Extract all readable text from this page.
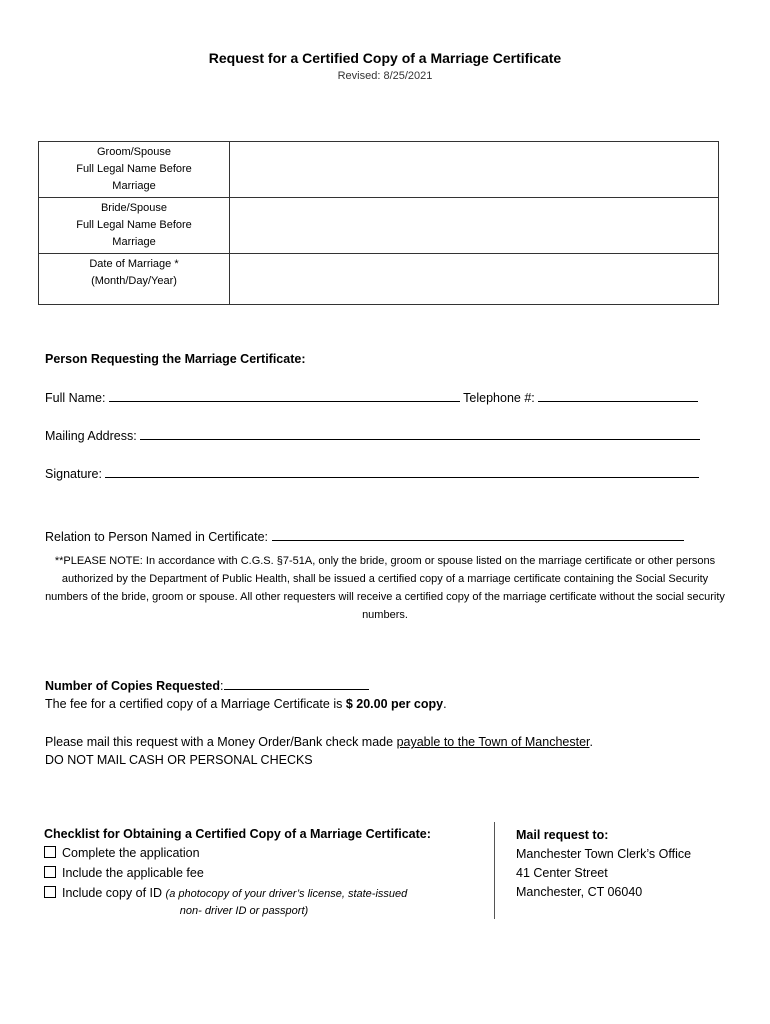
Request for a Certified Copy of a Marriage Certificate
Revised: 8/25/2021
Groom/Spouse
Full Legal Name Before
Marriage	

Bride/Spouse
Full Legal Name Before
Marriage	

Date of Marriage *
(Month/Day/Year)	

Person Requesting the Marriage Certificate:
Full Name:	Telephone #:
Mailing Address:
Signature:
Relation to Person Named in Certificate:
**PLEASE NOTE: In accordance with C.G.S. §7-51A, only the bride, groom or spouse listed on the marriage certificate or other persons authorized by the Department of Public Health, shall be issued a certified copy of a marriage certificate containing the Social Security numbers of the bride, groom or spouse. All other requesters will receive a certified copy of the marriage certificate without the social security numbers.
Number of Copies Requested:
The fee for a certified copy of a Marriage Certificate is $ 20.00 per copy.
Please mail this request with a Money Order/Bank check made payable to the Town of Manchester.
DO NOT MAIL CASH OR PERSONAL CHECKS
Checklist for Obtaining a Certified Copy of a Marriage Certificate:
Complete the application
Include the applicable fee
Include copy of ID (a photocopy of your driver’s license, state-issued
non- driver ID or passport)
Mail request to:
Manchester Town Clerk’s Office
41 Center Street
Manchester, CT 06040
